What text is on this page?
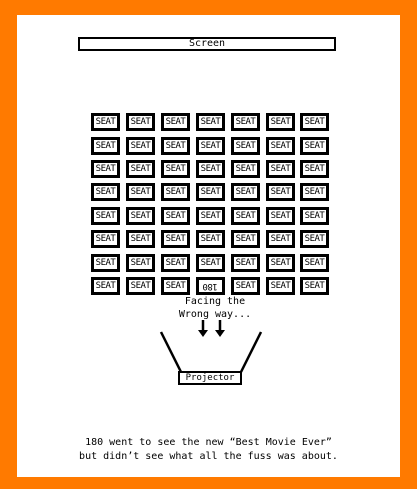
Screen
SEAT	SEAT	SEAT	SEAT	SEAT	SEAT	SEAT
SEAT	SEAT	SEAT	SEAT	SEAT	SEAT	SEAT
SEAT	SEAT	SEAT	SEAT	SEAT	SEAT	SEAT
SEAT	SEAT	SEAT	SEAT	SEAT	SEAT	SEAT
SEAT	SEAT	SEAT	SEAT	SEAT	SEAT	SEAT
SEAT	SEAT	SEAT	SEAT	SEAT	SEAT	SEAT
SEAT	SEAT	SEAT	SEAT	SEAT	SEAT	SEAT
SEAT	SEAT	SEAT	180	SEAT	SEAT	SEAT
Facing the
Wrong way...
Projector
180 went to see the new “Best Movie Ever”
but didn’t see what all the fuss was about.
